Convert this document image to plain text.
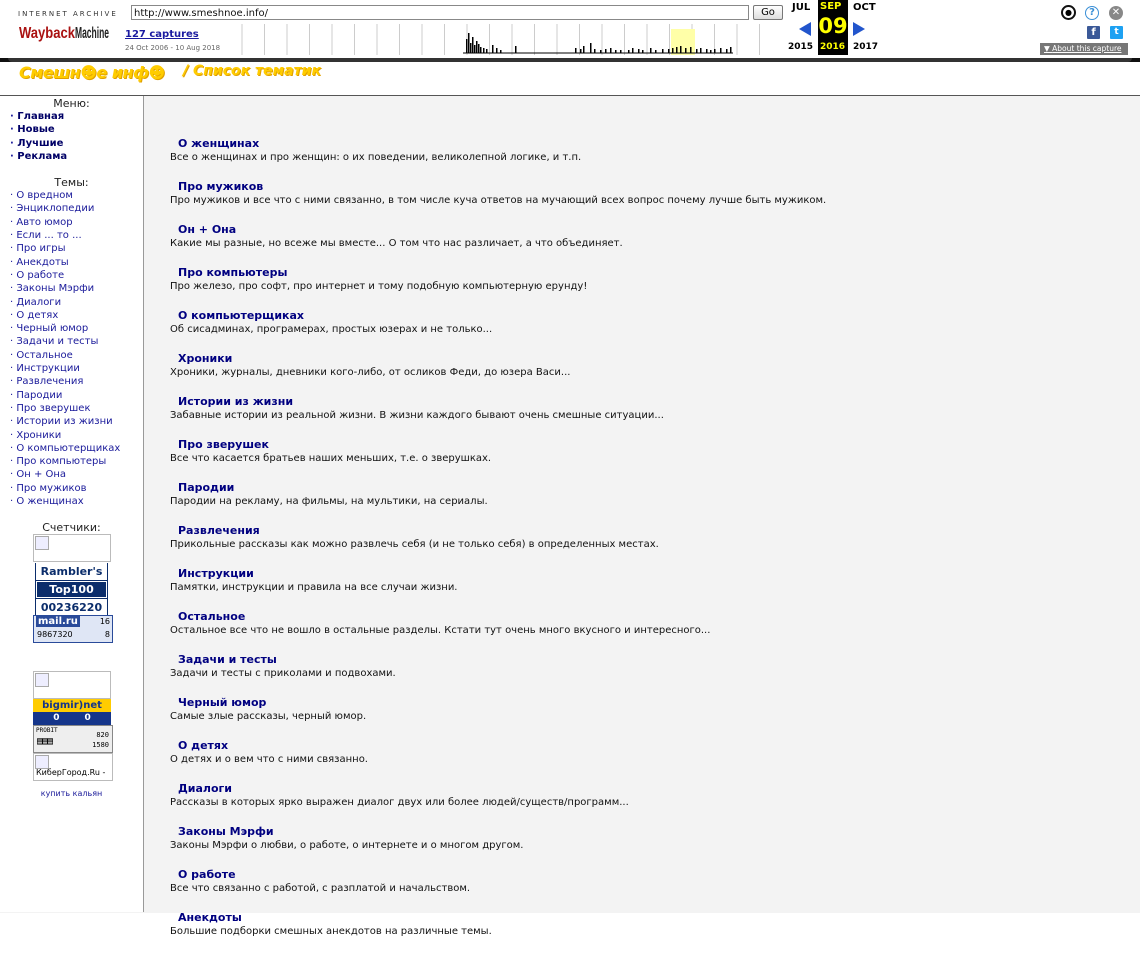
INTERNET ARCHIVE
Wayback Machine
http://www.smeshnoe.info/	Go
127 captures
24 Oct 2006 - 10 Aug 2018
JUL SEP
09
2016
OCT
2015	2017
●	?	✕
f	t
▼ About this capture
Смешн☻е инф☻ / Список тематик
Меню:
· Главная
· Новые
· Лучшие
· Реклама
Темы:
· О вредном
· Энциклопедии
· Авто юмор
· Если ... то ...
· Про игры
· Анекдоты
· О работе
· Законы Мэрфи
· Диалоги
· О детях
· Черный юмор
· Задачи и тесты
· Остальное
· Инструкции
· Развлечения
· Пародии
· Про зверушек
· Истории из жизни
· Хроники
· О компьютерщиках
· Про компьютеры
· Он + Она
· Про мужиков
· О женщинах
Счетчики:
Rambler's
Top100
00236220
mail.ru	16
9867320	8
bigmir)net
0	0
PROBIT
820
1580
▤▤▤
КиберГород.Ru -
купить кальян
О женщинах
Все о женщинах и про женщин: о их поведении, великолепной логике, и т.п.
Про мужиков
Про мужиков и все что с ними связанно, в том числе куча ответов на мучающий всех вопрос почему лучше быть мужиком.
Он + Она
Какие мы разные, но всеже мы вместе... О том что нас различает, а что объединяет.
Про компьютеры
Про железо, про софт, про интернет и тому подобную компьютерную ерунду!
О компьютерщиках
Об сисадминах, програмерах, простых юзерах и не только...
Хроники
Хроники, журналы, дневники кого-либо, от осликов Феди, до юзера Васи...
Истории из жизни
Забавные истории из реальной жизни. В жизни каждого бывают очень смешные ситуации...
Про зверушек
Все что касается братьев наших меньших, т.е. о зверушках.
Пародии
Пародии на рекламу, на фильмы, на мультики, на сериалы.
Развлечения
Прикольные рассказы как можно развлечь себя (и не только себя) в определенных местах.
Инструкции
Памятки, инструкции и правила на все случаи жизни.
Остальное
Остальное все что не вошло в остальные разделы. Кстати тут очень много вкусного и интересного...
Задачи и тесты
Задачи и тесты с приколами и подвохами.
Черный юмор
Самые злые рассказы, черный юмор.
О детях
О детях и о вем что с ними связанно.
Диалоги
Рассказы в которых ярко выражен диалог двух или более людей/существ/программ...
Законы Мэрфи
Законы Мэрфи о любви, о работе, о интернете и о многом другом.
О работе
Все что связанно с работой, с разплатой и начальством.
Анекдоты
Большие подборки смешных анекдотов на различные темы.
